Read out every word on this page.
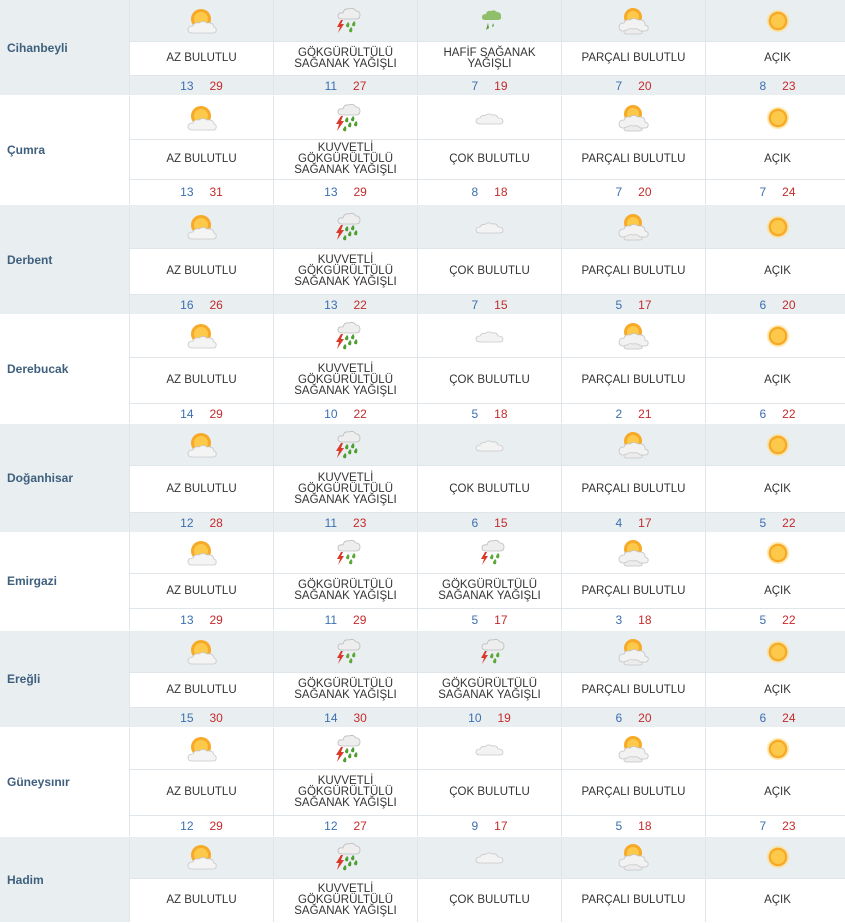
Cihanbeyli
AZ BULUTLU
13 29
GÖKGÜRÜLTÜLÜ SAĞANAK YAĞIŞLI
11 27
HAFİF SAĞANAK YAĞIŞLI
7 19
PARÇALI BULUTLU
7 20
AÇIK
8 23
Çumra
AZ BULUTLU
13 31
KUVVETLİ GÖKGÜRÜLTÜLÜ SAĞANAK YAĞIŞLI
13 29
ÇOK BULUTLU
8 18
PARÇALI BULUTLU
7 20
AÇIK
7 24
Derbent
AZ BULUTLU
16 26
KUVVETLİ GÖKGÜRÜLTÜLÜ SAĞANAK YAĞIŞLI
13 22
ÇOK BULUTLU
7 15
PARÇALI BULUTLU
5 17
AÇIK
6 20
Derebucak
AZ BULUTLU
14 29
KUVVETLİ GÖKGÜRÜLTÜLÜ SAĞANAK YAĞIŞLI
10 22
ÇOK BULUTLU
5 18
PARÇALI BULUTLU
2 21
AÇIK
6 22
Doğanhisar
AZ BULUTLU
12 28
KUVVETLİ GÖKGÜRÜLTÜLÜ SAĞANAK YAĞIŞLI
11 23
ÇOK BULUTLU
6 15
PARÇALI BULUTLU
4 17
AÇIK
5 22
Emirgazi
AZ BULUTLU
13 29
GÖKGÜRÜLTÜLÜ SAĞANAK YAĞIŞLI
11 29
GÖKGÜRÜLTÜLÜ SAĞANAK YAĞIŞLI
5 17
PARÇALI BULUTLU
3 18
AÇIK
5 22
Ereğli
AZ BULUTLU
15 30
GÖKGÜRÜLTÜLÜ SAĞANAK YAĞIŞLI
14 30
GÖKGÜRÜLTÜLÜ SAĞANAK YAĞIŞLI
10 19
PARÇALI BULUTLU
6 20
AÇIK
6 24
Güneysınır
AZ BULUTLU
12 29
KUVVETLİ GÖKGÜRÜLTÜLÜ SAĞANAK YAĞIŞLI
12 27
ÇOK BULUTLU
9 17
PARÇALI BULUTLU
5 18
AÇIK
7 23
Hadim
AZ BULUTLU
KUVVETLİ GÖKGÜRÜLTÜLÜ SAĞANAK YAĞIŞLI
ÇOK BULUTLU	PARÇALI BULUTLU	AÇIK
